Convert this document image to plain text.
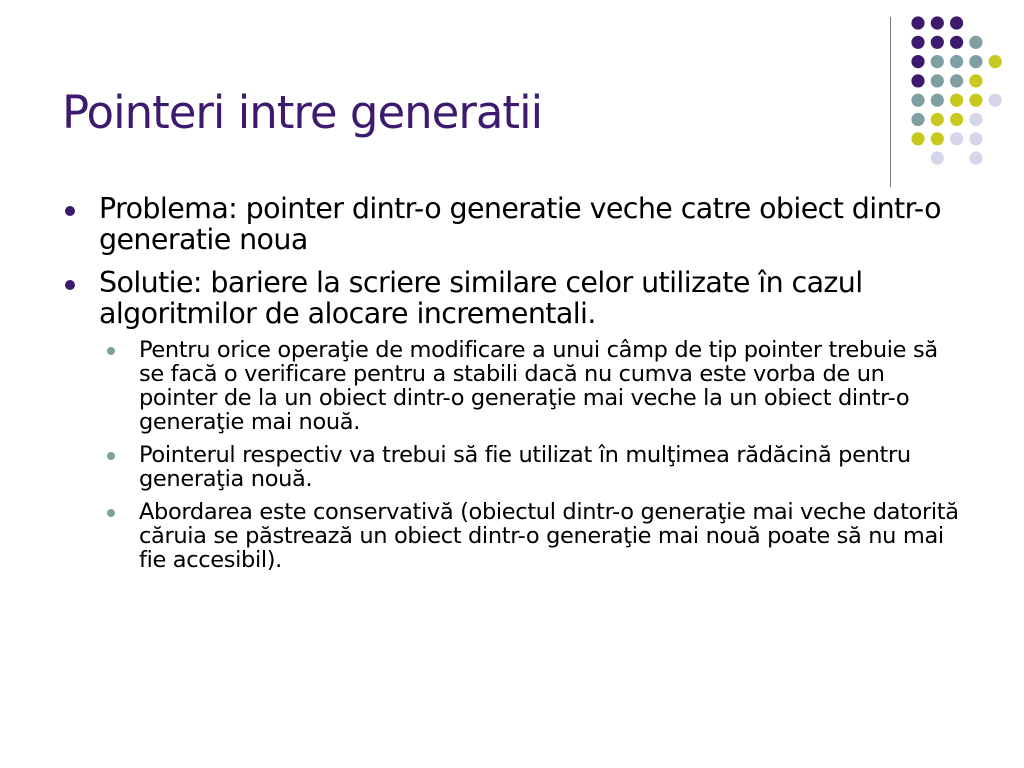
Pointeri intre generatii
Problema: pointer dintr-o generatie veche catre obiect dintr-o generatie noua
Solutie: bariere la scriere similare celor utilizate în cazul algoritmilor de alocare incrementali.
Pentru orice operaţie de modificare a unui câmp de tip pointer trebuie să se facă o verificare pentru a stabili dacă nu cumva este vorba de un pointer de la un obiect dintr-o generaţie mai veche la un obiect dintr-o generaţie mai nouă.
Pointerul respectiv va trebui să fie utilizat în mulţimea rădăcină pentru generaţia nouă.
Abordarea este conservativă (obiectul dintr-o generaţie mai veche datorită căruia se păstrează un obiect dintr-o generaţie mai nouă poate să nu mai fie accesibil).
